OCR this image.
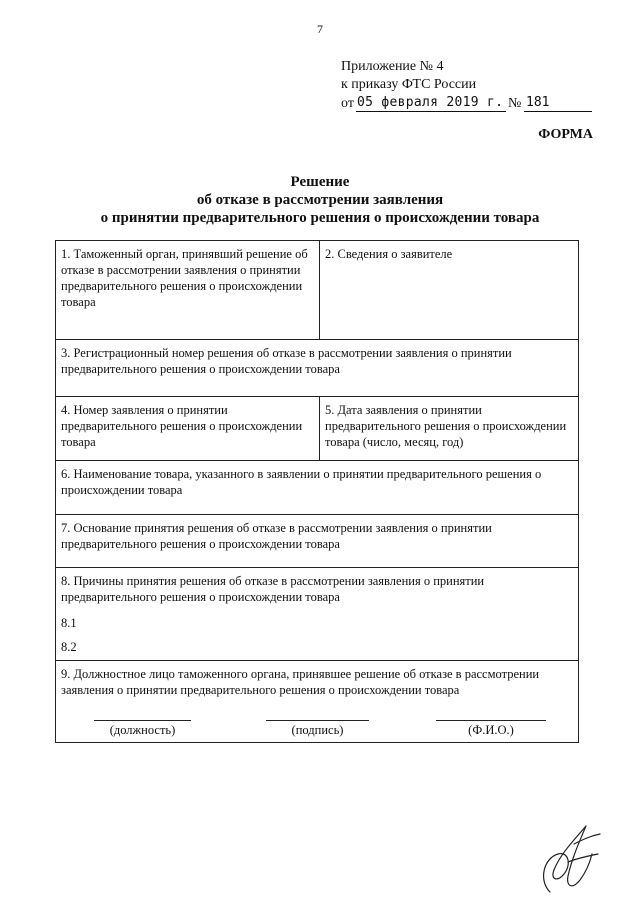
7
Приложение № 4
к приказу ФТС России
от 05 февраля 2019 г. № 181
ФОРМА
Решение
об отказе в рассмотрении заявления
о принятии предварительного решения о происхождении товара
1. Таможенный орган, принявший решение об отказе в рассмотрении заявления о принятии предварительного решения о происхождении товара
2. Сведения о заявителе
3. Регистрационный номер решения об отказе в рассмотрении заявления о принятии предварительного решения о происхождении товара
4. Номер заявления о принятии предварительного решения о происхождении товара
5. Дата заявления о принятии предварительного решения о происхождении товара (число, месяц, год)
6. Наименование товара, указанного в заявлении о принятии предварительного решения о происхождении товара
7. Основание принятия решения об отказе в рассмотрении заявления о принятии предварительного решения о происхождении товара
8. Причины принятия решения об отказе в рассмотрении заявления о принятии предварительного решения о происхождении товара
8.1
8.2
9. Должностное лицо таможенного органа, принявшее решение об отказе в рассмотрении заявления о принятии предварительного решения о происхождении товара
(должность)	(подпись)	(Ф.И.О.)
